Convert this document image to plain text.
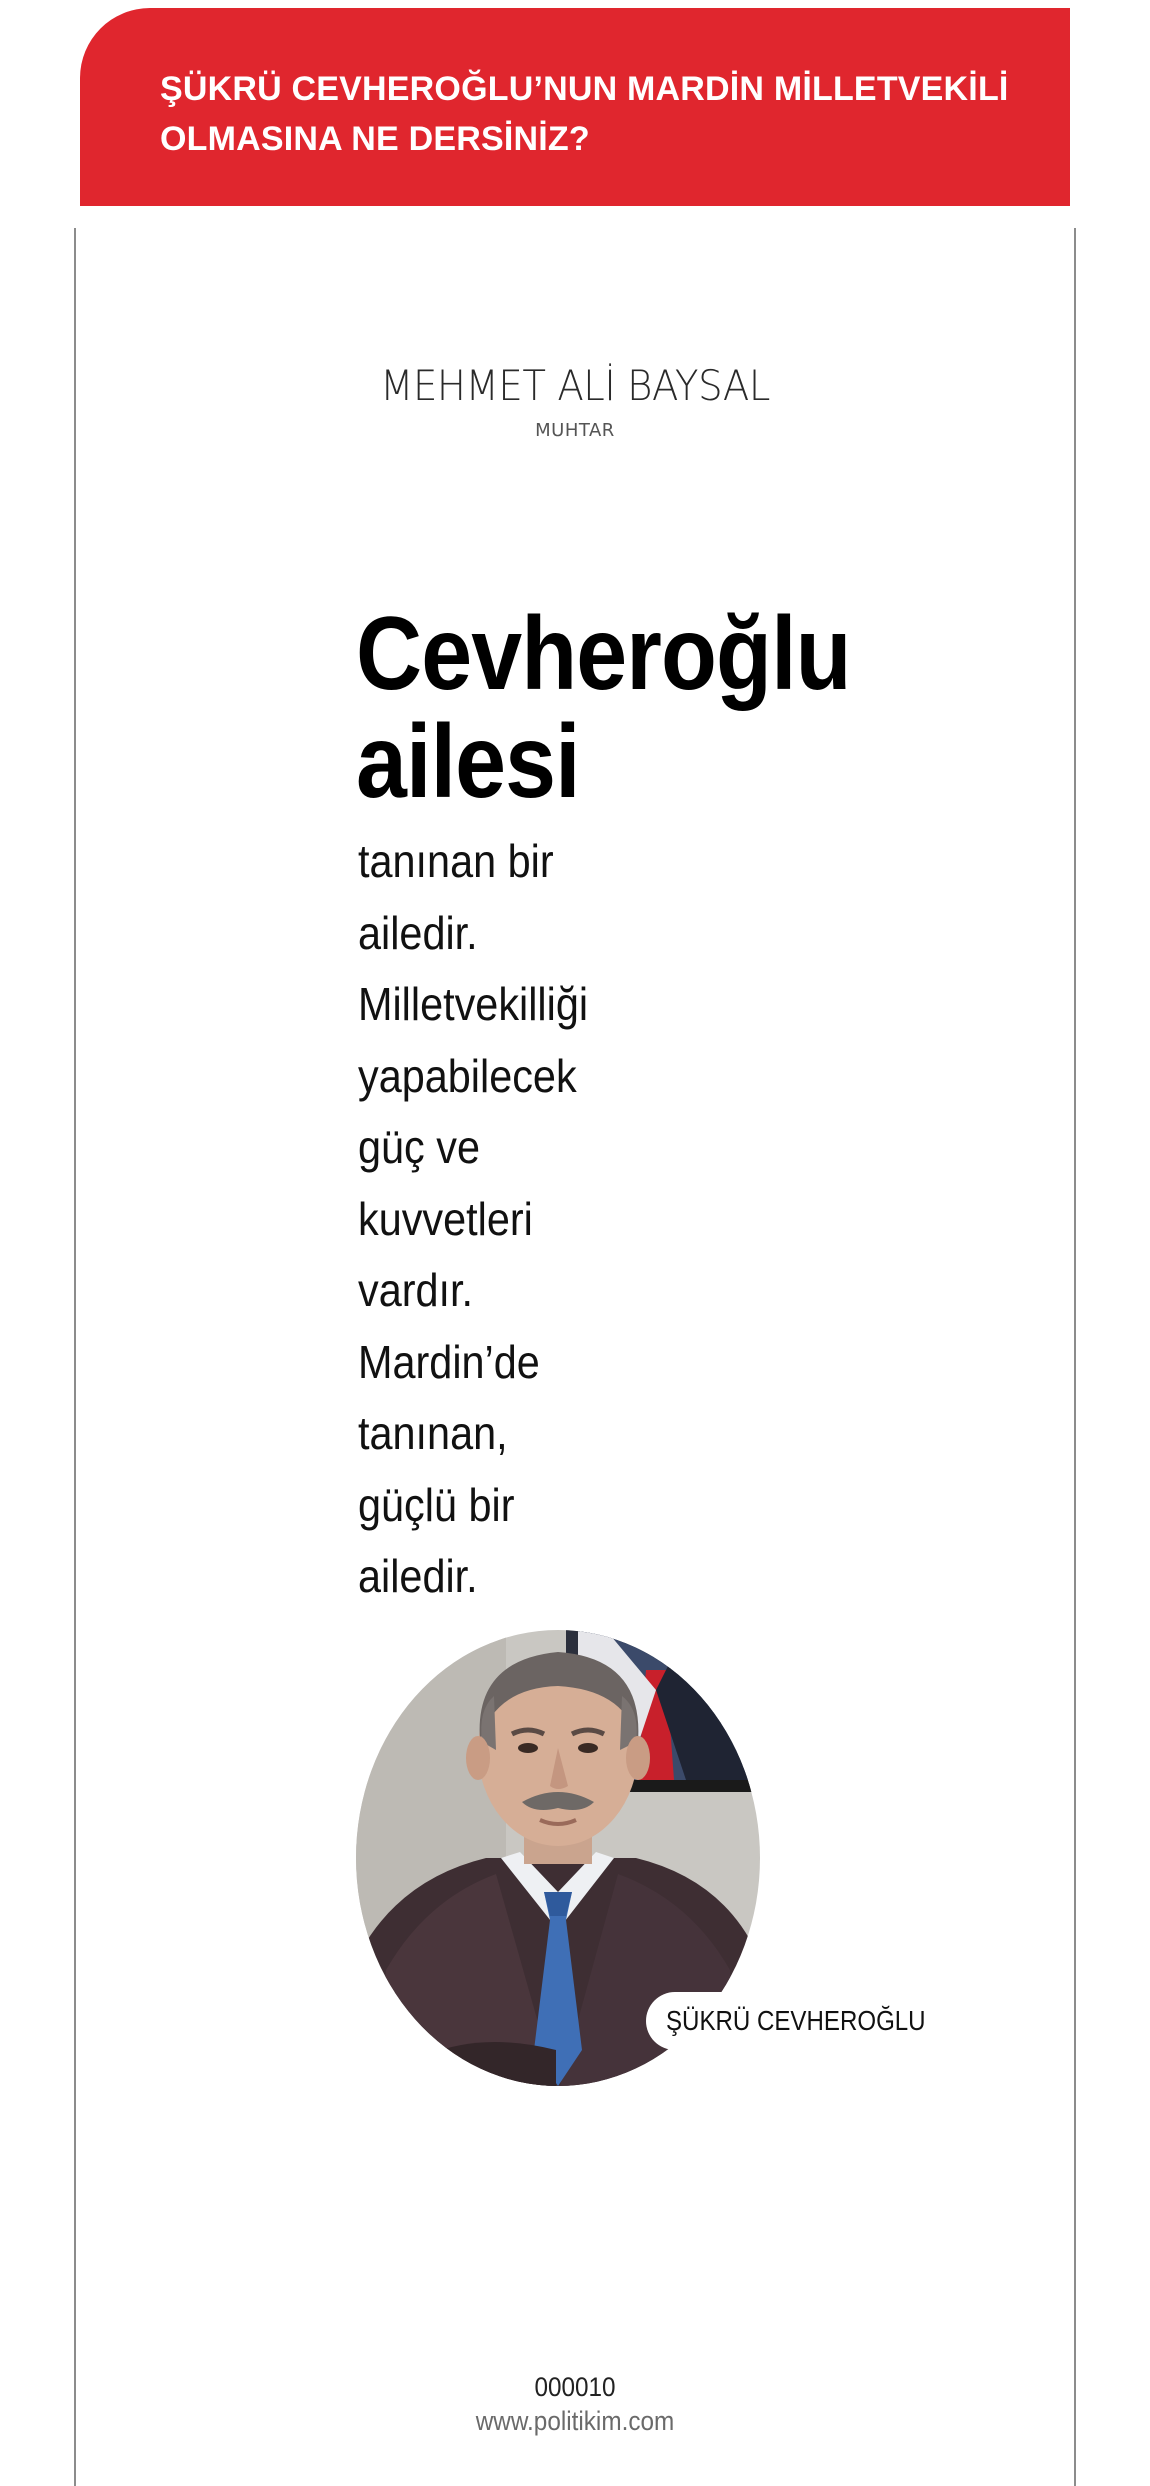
ŞÜKRÜ CEVHEROĞLU’NUN MARDİN MİLLETVEKİLİ
OLMASINA NE DERSİNİZ?
MEHMET ALİ BAYSAL
MUHTAR
Cevheroğlu
ailesi
tanınan bir
ailedir.
Milletvekilliği
yapabilecek
güç ve
kuvvetleri
vardır.
Mardin’de
tanınan,
güçlü bir
ailedir.
ŞÜKRÜ CEVHEROĞLU
000010
www.politikim.com
